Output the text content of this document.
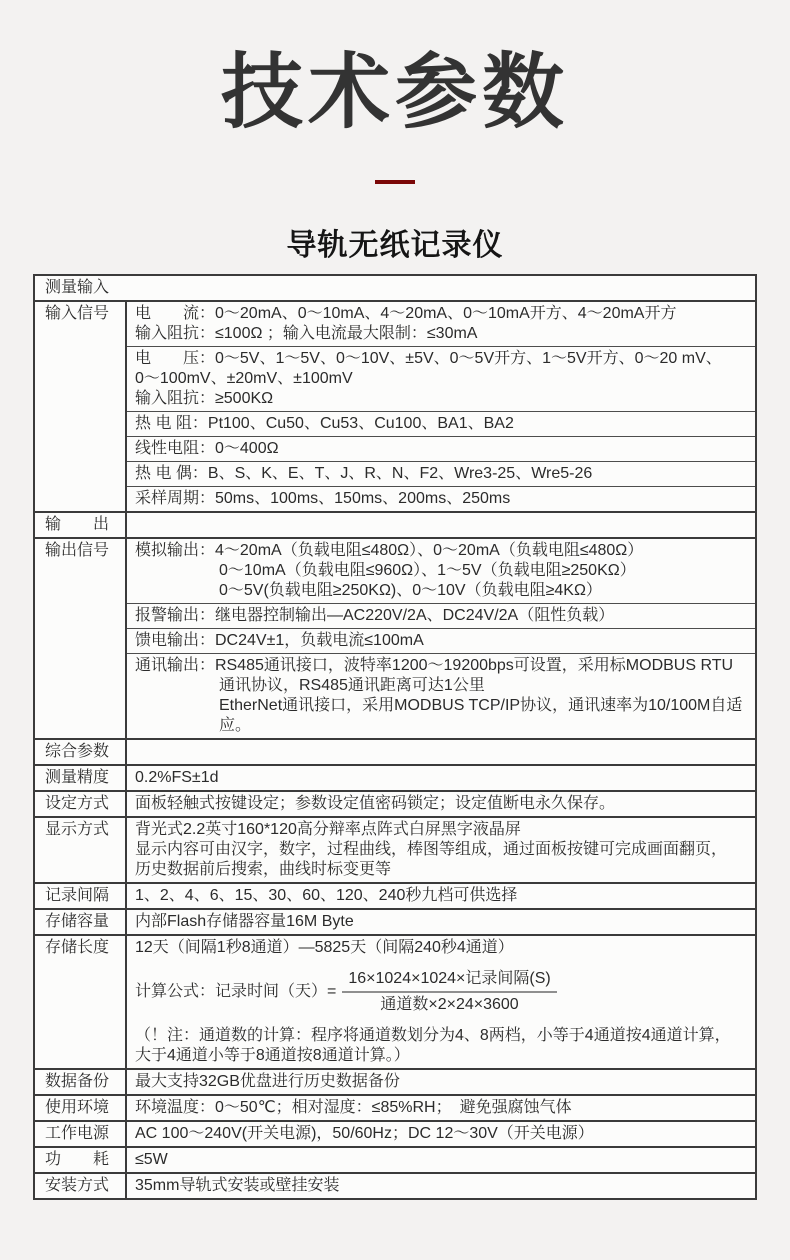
技术参数
导轨无纸记录仪
测量输入
输入信号	电　　流：0～20mA、0～10mA、4～20mA、0～10mA开方、4～20mA开方
输入阻抗：≤100Ω ；输入电流最大限制：≤30mA
电　　压：0～5V、1～5V、0～10V、±5V、0～5V开方、1～5V开方、0～20 mV、
0～100mV、±20mV、±100mV
输入阻抗：≥500KΩ
热 电 阻：Pt100、Cu50、Cu53、Cu100、BA1、BA2
线性电阻：0～400Ω
热 电 偶：B、S、K、E、T、J、R、N、F2、Wre3-25、Wre5-26
采样周期：50ms、100ms、150ms、200ms、250ms
输　　出
输出信号	模拟输出：4～20mA（负载电阻≤480Ω）、0～20mA（负载电阻≤480Ω）
0～10mA（负载电阻≤960Ω）、1～5V（负载电阻≥250KΩ）
0～5V(负载电阻≥250KΩ)、0～10V（负载电阻≥4KΩ）
报警输出：继电器控制输出—AC220V/2A、DC24V/2A（阻性负载）
馈电输出：DC24V±1，负载电流≤100mA
通讯输出：RS485通讯接口，波特率1200～19200bps可设置，采用标MODBUS RTU
通讯协议，RS485通讯距离可达1公里
EtherNet通讯接口，采用MODBUS TCP/IP协议，通讯速率为10/100M自适应。
综合参数
测量精度	0.2%FS±1d
设定方式	面板轻触式按键设定；参数设定值密码锁定；设定值断电永久保存。
显示方式	背光式2.2英寸160*120高分辩率点阵式白屏黑字液晶屏
显示内容可由汉字，数字，过程曲线，棒图等组成，通过面板按键可完成画面翻页，
历史数据前后搜索，曲线时标变更等
记录间隔	1、2、4、6、15、30、60、120、240秒九档可供选择
存储容量	内部Flash存储器容量16M Byte
存储长度	12天（间隔1秒8通道）—5825天（间隔240秒4通道）
计算公式：记录时间（天）= $\frac{\text{16×1024×1024×记录间隔(S)}}{\text{通道数×2×24×3600}}$
（！注：通道数的计算：程序将通道数划分为4、8两档，小等于4通道按4通道计算，
大于4通道小等于8通道按8通道计算。）
数据备份	最大支持32GB优盘进行历史数据备份
使用环境	环境温度：0～50℃；相对湿度：≤85%RH；　避免强腐蚀气体
工作电源	AC 100～240V(开关电源)，50/60Hz；DC 12～30V（开关电源）
功　　耗	≤5W
安装方式	35mm导轨式安装或壁挂安装
